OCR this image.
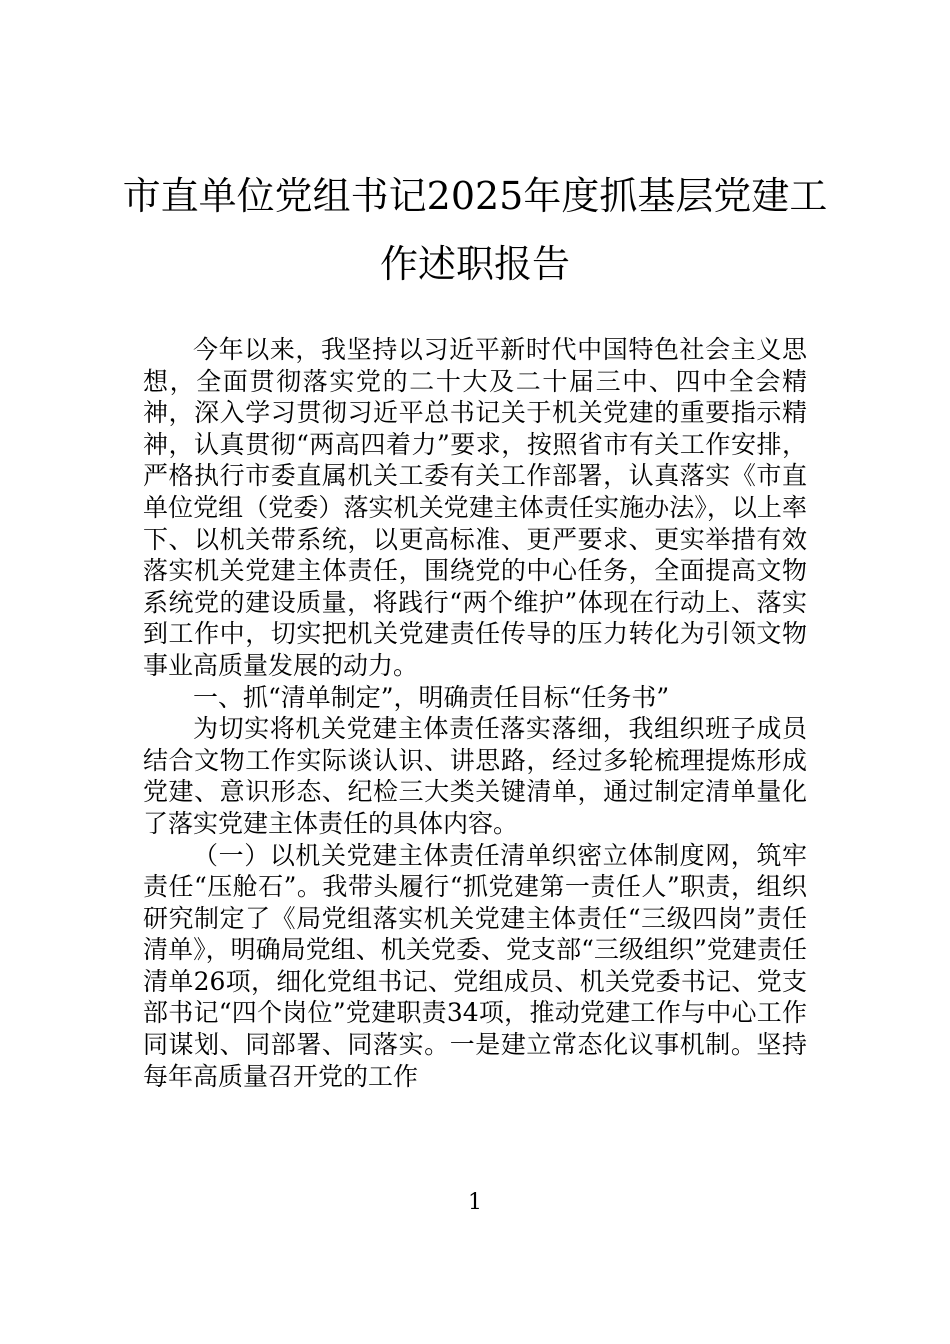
市直单位党组书记2025年度抓基层党建工
作述职报告

今年以来，我坚持以习近平新时代中国特色社会主义思想，全面贯彻落实党的二十大及二十届三中、四中全会精神，深入学习贯彻习近平总书记关于机关党建的重要指示精神，认真贯彻“两高四着力”要求，按照省市有关工作安排，严格执行市委直属机关工委有关工作部署，认真落实《市直单位党组（党委）落实机关党建主体责任实施办法》，以上率下、以机关带系统，以更高标准、更严要求、更实举措有效落实机关党建主体责任，围绕党的中心任务，全面提高文物系统党的建设质量，将践行“两个维护”体现在行动上、落实到工作中，切实把机关党建责任传导的压力转化为引领文物事业高质量发展的动力。

一、抓“清单制定”，明确责任目标“任务书”

为切实将机关党建主体责任落实落细，我组织班子成员结合文物工作实际谈认识、讲思路，经过多轮梳理提炼形成党建、意识形态、纪检三大类关键清单，通过制定清单量化了落实党建主体责任的具体内容。

（一）以机关党建主体责任清单织密立体制度网，筑牢责任“压舱石”。我带头履行“抓党建第一责任人”职责，组织研究制定了《局党组落实机关党建主体责任“三级四岗”责任清单》，明确局党组、机关党委、党支部“三级组织”党建责任清单26项，细化党组书记、党组成员、机关党委书记、党支部书记“四个岗位”党建职责34项，推动党建工作与中心工作同谋划、同部署、同落实。一是建立常态化议事机制。坚持每年高质量召开党的工作

1
